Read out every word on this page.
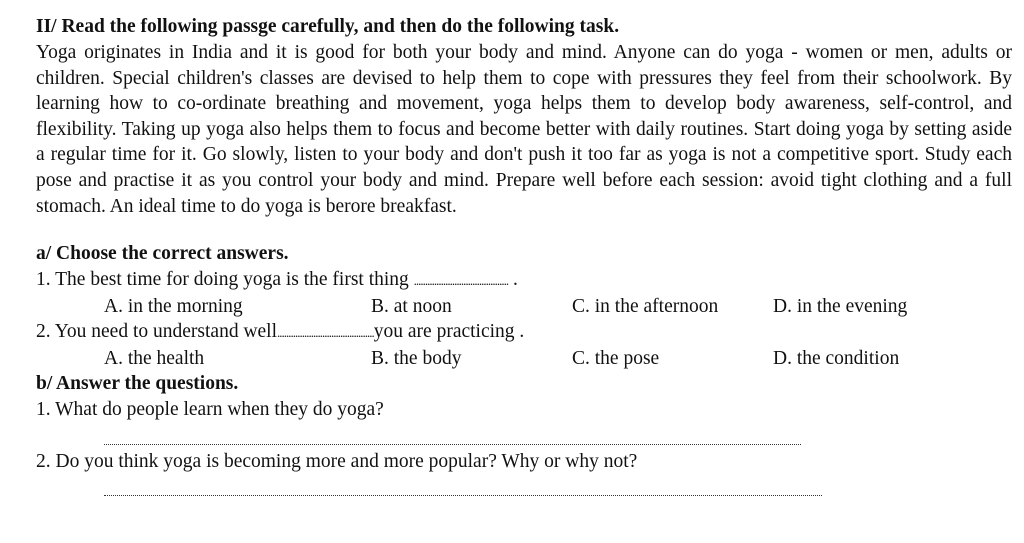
II/ Read the following passge carefully, and then do the following task.
Yoga originates in India and it is good for both your body and mind. Anyone can do yoga - women or men, adults or children. Special children's classes are devised to help them to cope with pressures they feel from their schoolwork. By learning how to co-ordinate breathing and movement, yoga helps them to develop body awareness, self-control, and flexibility. Taking up yoga also helps them to focus and become better with daily routines. Start doing yoga by setting aside a regular time for it. Go slowly, listen to your body and don't push it too far as yoga is not a competitive sport. Study each pose and practise it as you control your body and mind. Prepare well before each session: avoid tight clothing and a full stomach. An ideal time to do yoga is berore breakfast.
a/ Choose the correct answers.
1. The best time for doing yoga is the first thing .......................................... .
A. in the morning	B. at noon	C. in the afternoon	D. in the evening
2. You need to understand well...........................................you are practicing .
A. the health	B. the body	C. the pose	D. the condition
b/ Answer the questions.
1. What do people learn when they do yoga?
2. Do you think yoga is becoming more and more popular? Why or why not?
